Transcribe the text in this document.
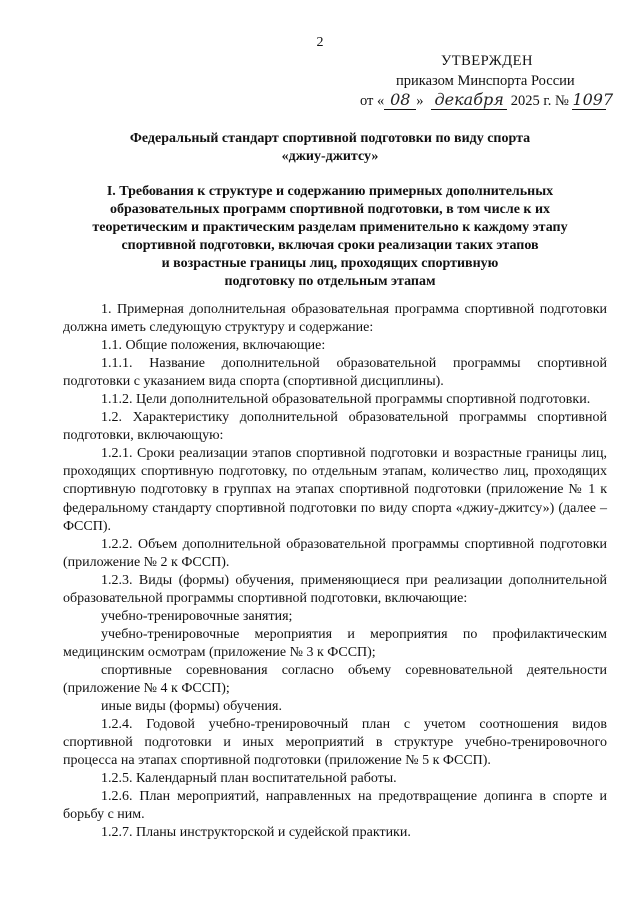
2
УТВЕРЖДЕН
приказом Минспорта России
от « 08 » декабря 2025 г. № 1097
Федеральный стандарт спортивной подготовки по виду спорта
«джиу-джитсу»
I. Требования к структуре и содержанию примерных дополнительных
образовательных программ спортивной подготовки, в том числе к их
теоретическим и практическим разделам применительно к каждому этапу
спортивной подготовки, включая сроки реализации таких этапов
и возрастные границы лиц, проходящих спортивную
подготовку по отдельным этапам

1. Примерная дополнительная образовательная программа спортивной подготовки должна иметь следующую структуру и содержание:

1.1. Общие положения, включающие:

1.1.1. Название дополнительной образовательной программы спортивной подготовки с указанием вида спорта (спортивной дисциплины).

1.1.2. Цели дополнительной образовательной программы спортивной подготовки.

1.2. Характеристику дополнительной образовательной программы спортивной подготовки, включающую:

1.2.1. Сроки реализации этапов спортивной подготовки и возрастные границы лиц, проходящих спортивную подготовку, по отдельным этапам, количество лиц, проходящих спортивную подготовку в группах на этапах спортивной подготовки (приложение № 1 к федеральному стандарту спортивной подготовки по виду спорта «джиу-джитсу») (далее – ФССП).

1.2.2. Объем дополнительной образовательной программы спортивной подготовки (приложение № 2 к ФССП).

1.2.3. Виды (формы) обучения, применяющиеся при реализации дополнительной образовательной программы спортивной подготовки, включающие:

учебно-тренировочные занятия;

учебно-тренировочные мероприятия и мероприятия по профилактическим медицинским осмотрам (приложение № 3 к ФССП);

спортивные соревнования согласно объему соревновательной деятельности (приложение № 4 к ФССП);

иные виды (формы) обучения.

1.2.4. Годовой учебно-тренировочный план с учетом соотношения видов спортивной подготовки и иных мероприятий в структуре учебно-тренировочного процесса на этапах спортивной подготовки (приложение № 5 к ФССП).

1.2.5. Календарный план воспитательной работы.

1.2.6. План мероприятий, направленных на предотвращение допинга в спорте и борьбу с ним.

1.2.7. Планы инструкторской и судейской практики.
